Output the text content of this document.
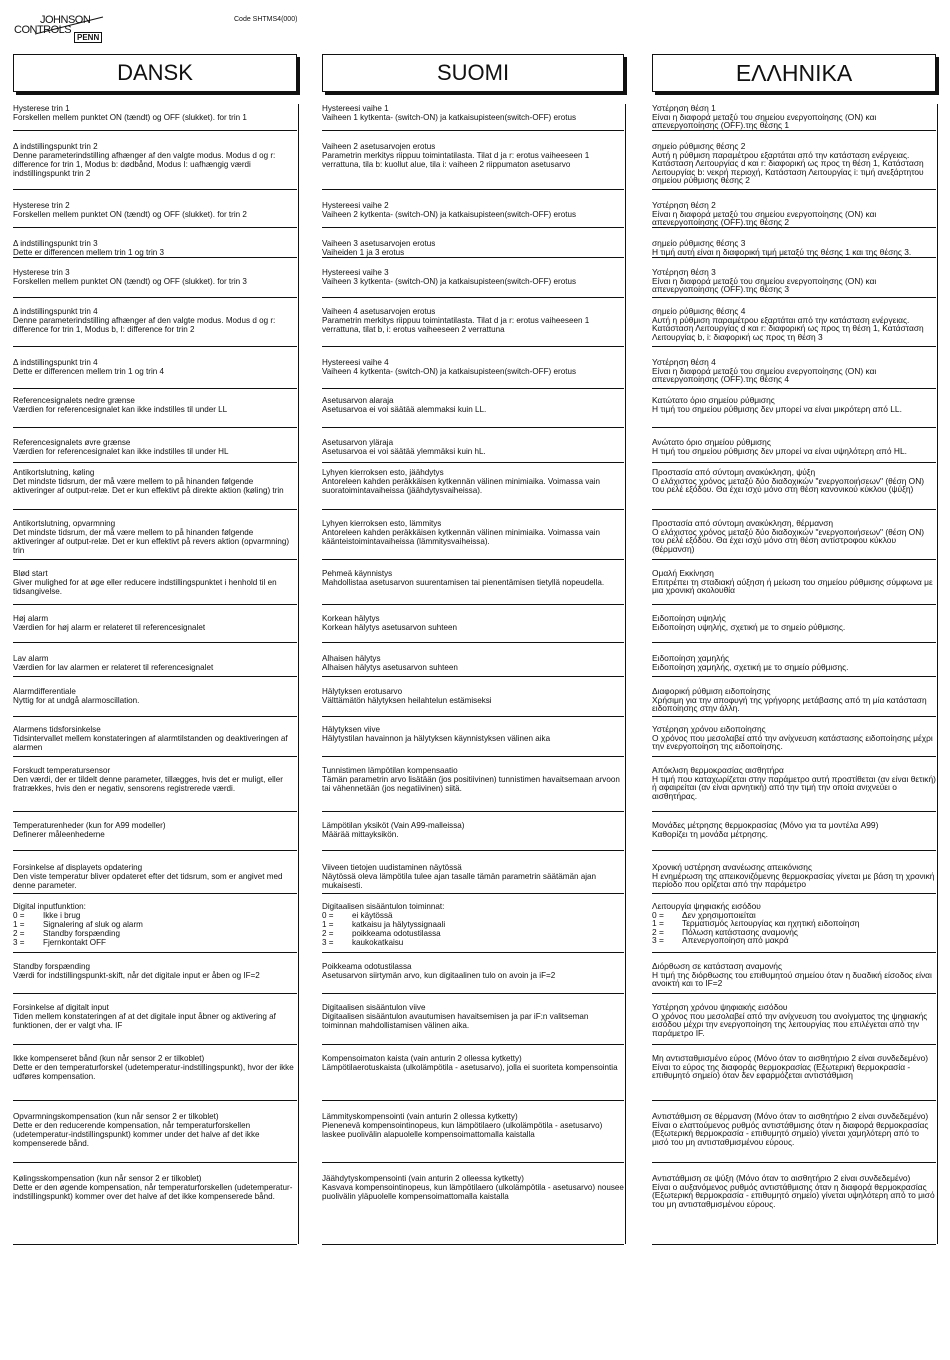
JOHNSON
CONTROLS
PENN
Code SHTMS4(000)
DANSK
Hysterese trin 1
Forskellen mellem punktet ON (tændt) og OFF (slukket). for trin 1
Δ indstillingspunkt trin 2
Denne parameterindstilling afhænger af den valgte modus. Modus d og r: difference for trin 1, Modus b: dødbånd, Modus I: uafhængig værdi indstillingspunkt trin 2
Hysterese trin 2
Forskellen mellem punktet ON (tændt) og OFF (slukket). for trin 2
Δ indstillingspunkt trin 3
Dette er differencen mellem trin 1 og trin 3
Hysterese trin 3
Forskellen mellem punktet ON (tændt) og OFF (slukket). for trin 3
Δ indstillingspunkt trin 4
Denne parameterindstilling afhænger af den valgte modus. Modus d og r: difference for trin 1, Modus b, I: difference for trin 2
Δ indstillingspunkt trin 4
Dette er differencen mellem trin 1 og trin 4
Referencesignalets nedre grænse
Værdien for referencesignalet kan ikke indstilles til under LL
Referencesignalets øvre grænse
Værdien for referencesignalet kan ikke indstilles til under HL
Antikortslutning, køling
Det mindste tidsrum, der må være mellem to på hinanden følgende aktiveringer af output-relæ. Det er kun effektivt på direkte aktion (køling) trin
Antikortslutning, opvarmning
Det mindste tidsrum, der må være mellem to på hinanden følgende aktiveringer af output-relæ. Det er kun effektivt på revers aktion (opvarmning) trin
Blød start
Giver mulighed for at øge eller reducere indstillingspunktet i henhold til en tidsangivelse.
Høj alarm
Værdien for høj alarm er relateret til referencesignalet
Lav alarm
Værdien for lav alarmen er relateret til referencesignalet
Alarmdifferentiale
Nyttig for at undgå alarmoscillation.
Alarmens tidsforsinkelse
Tidsintervallet mellem konstateringen af alarmtilstanden og deaktiveringen af alarmen
Forskudt temperatursensor
Den værdi, der er tildelt denne parameter, tillægges, hvis det er muligt, eller fratrækkes, hvis den er negativ, sensorens registrerede værdi.
Temperaturenheder (kun for A99 modeller)
Definerer måleenhederne
Forsinkelse af displayets opdatering
Den viste temperatur bliver opdateret efter det tidsrum, som er angivet med denne parameter.
Digital inputfunktion:
0 =	Ikke i brug
1 =	Signalering af sluk og alarm
2 =	Standby forspænding
3 =	Fjernkontakt OFF
Standby forspænding
Værdi for indstillingspunkt-skift, når det digitale input er åben og IF=2
Forsinkelse af digitalt input
Tiden mellem konstateringen af at det digitale input åbner og aktivering af funktionen, der er valgt vha. IF
Ikke kompenseret bånd (kun når sensor 2 er tilkoblet)
Dette er den temperaturforskel (udetemperatur-indstillingspunkt), hvor der ikke udføres kompensation.
Opvarmningskompensation (kun når sensor 2 er tilkoblet)
Dette er den reducerende kompensation, når temperaturforskellen (udetemperatur-indstillingspunkt) kommer under det halve af det ikke kompenserede bånd.
Kølingsskompensation (kun når sensor 2 er tilkoblet)
Dette er den øgende kompensation, når temperaturforskellen (udetemperatur-indstillingspunkt) kommer over det halve af det ikke kompenserede bånd.
SUOMI
Hystereesi vaihe 1
Vaiheen 1 kytkenta- (switch-ON) ja katkaisupisteen(switch-OFF) erotus
Vaiheen 2 asetusarvojen erotus
Parametrin merkitys riippuu toimintatilasta. Tilat d ja r: erotus vaiheeseen 1 verrattuna, tila b: kuollut alue, tila i: vaiheen 2 riippumaton asetusarvo
Hystereesi vaihe 2
Vaiheen 2 kytkenta- (switch-ON) ja katkaisupisteen(switch-OFF) erotus
Vaiheen 3 asetusarvojen erotus
Vaiheiden 1 ja 3 erotus
Hystereesi vaihe 3
Vaiheen 3 kytkenta- (switch-ON) ja katkaisupisteen(switch-OFF) erotus
Vaiheen 4 asetusarvojen erotus
Parametrin merkitys riippuu toimintatilasta. Tilat d ja r: erotus vaiheeseen 1 verrattuna, tilat b, i: erotus vaiheeseen 2 verrattuna
Hystereesi vaihe 4
Vaiheen 4 kytkenta- (switch-ON) ja katkaisupisteen(switch-OFF) erotus
Asetusarvon alaraja
Asetusarvoa ei voi säätää alemmaksi kuin LL.
Asetusarvon yläraja
Asetusarvoa ei voi säätää ylemmäksi kuin hL.
Lyhyen kierroksen esto, jäähdytys
Antoreleen kahden peräkkäisen kytkennän välinen minimiaika. Voimassa vain suoratoimintavaiheissa (jäähdytysvaiheissa).
Lyhyen kierroksen esto, lämmitys
Antoreleen kahden peräkkäisen kytkennän välinen minimiaika. Voimassa vain käänteistoimintavaiheissa (lämmitysvaiheissa).
Pehmeä käynnistys
Mahdollistaa asetusarvon suurentamisen tai pienentämisen tietyllä nopeudella.
Korkean hälytys
Korkean hälytys asetusarvon suhteen
Alhaisen hälytys
Alhaisen hälytys asetusarvon suhteen
Hälytyksen erotusarvo
Välttämätön hälytyksen heilahtelun estämiseksi
Hälytyksen viive
Hälytystilan havainnon ja hälytyksen käynnistyksen välinen aika
Tunnistimen lämpötilan kompensaatio
Tämän parametrin arvo lisätään (jos positiivinen) tunnistimen havaitsemaan arvoon tai vähennetään (jos negatiivinen) siitä.
Lämpötilan yksiköt (Vain A99-malleissa)
Määrää mittayksikön.
Viiveen tietojen uudistaminen näytössä
Näytössä oleva lämpötila tulee ajan tasalle tämän parametrin säätämän ajan mukaisesti.
Digitaalisen sisääntulon toiminnat:
0 =	ei käytössä
1 =	katkaisu ja hälytyssignaali
2 =	poikkeama odotustilassa
3 =	kaukokatkaisu
Poikkeama odotustilassa
Asetusarvon siirtymän arvo, kun digitaalinen tulo on avoin ja iF=2
Digitaalisen sisääntulon viive
Digitaalisen sisääntulon avautumisen havaitsemisen ja par iF:n valitseman toiminnan mahdollistamisen välinen aika.
Kompensoimaton kaista (vain anturin 2 ollessa kytketty)
Lämpötilaerotuskaista (ulkolämpötila - asetusarvo), jolla ei suoriteta kompensointia
Lämmityskompensointi (vain anturin 2 ollessa kytketty)
Pienenevä kompensointinopeus, kun lämpötilaero (ulkolämpötila - asetusarvo) laskee puolivälin alapuolelle kompensoimattomalla kaistalla
Jäähdytyskompensointi (vain anturin 2 olleessa kytketty)
Kasvava kompensointinopeus, kun lämpötilaero (ulkolämpötila - asetusarvo) nousee puolivälin yläpuolelle kompensoimattomalla kaistalla
ΕΛΛΗΝΙΚΑ
Υστέρηση θέση 1
Είναι η διαφορά μεταξύ του σημείου ενεργοποίησης (ON) και απενεργοποίησης (OFF).της θέσης 1
σημείο ρύθμισης θέσης 2
Αυτή η ρύθμιση παραμέτρου εξαρτάται από την κατάσταση ενέργειας. Κατάσταση Λειτουργίας d και r: διαφορική ως προς τη θέση 1, Κατάσταση Λειτουργίας b: νεκρή περιοχή, Κατάσταση Λειτουργίας i: τιμή ανεξάρτητου σημείου ρύθμισης θέσης 2
Υστέρηση θέση 2
Είναι η διαφορά μεταξύ του σημείου ενεργοποίησης (ON) και απενεργοποίησης (OFF).της θέσης 2
σημείο ρύθμισης θέσης 3
Η τιμή αυτή είναι η διαφορική τιμή μεταξύ της θέσης 1 και της θέσης 3.
Υστέρηση θέση 3
Είναι η διαφορά μεταξύ του σημείου ενεργοποίησης (ON) και απενεργοποίησης (OFF).της θέσης 3
σημείο ρύθμισης θέσης 4
Αυτή η ρύθμιση παραμέτρου εξαρτάται από την κατάσταση ενέργειας. Κατάσταση Λειτουργίας d και r: διαφορική ως προς τη θέση 1, Κατάσταση Λειτουργίας b, i: διαφορική ως προς τη θέση 3
Υστέρηση θέση 4
Είναι η διαφορά μεταξύ του σημείου ενεργοποίησης (ON) και απενεργοποίησης (OFF).της θέσης 4
Κατώτατο όριο σημείου ρύθμισης
Η τιμή του σημείου ρύθμισης δεν μπορεί να είναι μικρότερη από LL.
Ανώτατο όριο σημείου ρύθμισης
Η τιμή του σημείου ρύθμισης δεν μπορεί να είναι υψηλότερη από HL.
Προστασία από σύντομη ανακύκληση, ψύξη
Ο ελάχιστος χρόνος μεταξύ δύο διαδοχικών "ενεργοποιήσεων" (θέση ON) του ρελέ εξόδου. Θα έχει ισχύ μόνο στη θέση κανονικού κύκλου (ψύξη)
Προστασία από σύντομη ανακύκληση, θέρμανση
Ο ελάχιστος χρόνος μεταξύ δύο διαδοχικών "ενεργοποιήσεων" (θέση ON) του ρελέ εξόδου. Θα έχει ισχύ μόνο στη θέση αντίστροφου κύκλου (θέρμανση)
Ομαλή Εκκίνηση
Επιτρέπει τη σταδιακή αύξηση ή μείωση του σημείου ρύθμισης σύμφωνα με μια χρονική ακολουθία
Ειδοποίηση υψηλής
Ειδοποίηση υψηλής, σχετική με το σημείο ρύθμισης.
Ειδοποίηση χαμηλής
Ειδοποίηση χαμηλής, σχετική με το σημείο ρύθμισης.
Διαφορική ρύθμιση ειδοποίησης
Χρήσιμη για την αποφυγή της γρήγορης μετάβασης από τη μία κατάσταση ειδοποίησης στην άλλη.
Υστέρηση χρόνου ειδοποίησης
Ο χρόνος που μεσολαβεί από την ανίχνευση κατάστασης ειδοποίησης μέχρι την ενεργοποίηση της ειδοποίησης.
Απόκλιση θερμοκρασίας αισθητήρα
Η τιμή που καταχωρίζεται στην παράμετρο αυτή προστίθεται (αν είναι θετική) ή αφαιρείται (αν είναι αρνητική) από την τιμή την οποία ανιχνεύει ο αισθητήρας.
Μονάδες μέτρησης θερμοκρασίας (Μόνο για τα μοντέλα A99)
Καθορίζει τη μονάδα μέτρησης.
Χρονική υστέρηση ανανέωσης απεικόνισης
Η ενημέρωση της απεικονιζόμενης θερμοκρασίας γίνεται με βάση τη χρονική περίοδο που ορίζεται από την παράμετρο
Λειτουργία ψηφιακής εισόδου
0 =	Δεν χρησιμοποιείται
1 =	Τερματισμός λειτουργίας και ηχητική ειδοποίηση
2 =	Πόλωση κατάστασης αναμονής
3 =	Απενεργοποίηση από μακρά
Διόρθωση σε κατάσταση αναμονής
Η τιμή της διόρθωσης του επιθυμητού σημείου όταν η δυαδική είσοδος είναι ανοικτή και το IF=2
Υστέρηση χρόνου ψηφιακής εισόδου
Ο χρόνος που μεσολαβεί από την ανίχνευση του ανοίγματος της ψηφιακής εισόδου μέχρι την ενεργοποίηση της λειτουργίας που επιλέγεται από την παράμετρο IF.
Μη αντισταθμισμένο εύρος (Μόνο όταν το αισθητήριο 2 είναι συνδεδεμένο)
Είναι το εύρος της διαφοράς θερμοκρασίας (Εξωτερική θερμοκρασία - επιθυμητό σημείο) όταν δεν εφαρμόζεται αντιστάθμιση
Αντιστάθμιση σε θέρμανση (Μόνο όταν το αισθητήριο 2 είναι συνδεδεμένο)
Είναι ο ελαττούμενος ρυθμός αντιστάθμισης όταν η διαφορά θερμοκρασίας (Εξωτερική θερμοκρασία - επιθυμητό σημείο) γίνεται χαμηλότερη από το μισό του μη αντισταθμισμένου εύρους.
Αντιστάθμιση σε ψύξη (Μόνο όταν το αισθητήριο 2 είναι συνδεδεμένο)
Είναι ο αυξανόμενος ρυθμός αντιστάθμισης όταν η διαφορά θερμοκρασίας (Εξωτερική θερμοκρασία - επιθυμητό σημείο) γίνεται υψηλότερη από το μισό του μη αντισταθμισμένου εύρους.
